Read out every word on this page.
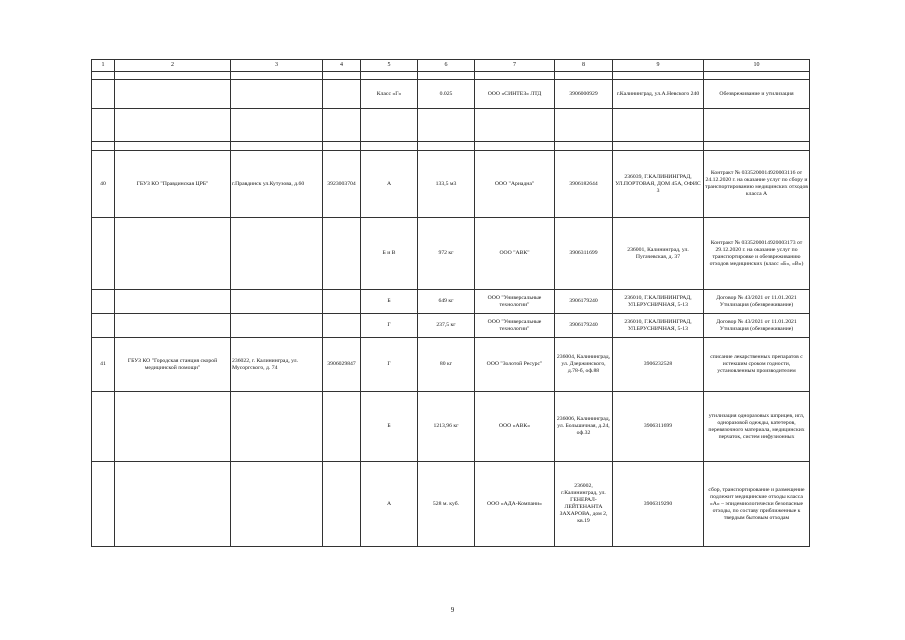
1	2	3	4	5	6	7	8	9	10

				Класс «Г»	0.025	ООО «СИНТЕЗ» ЛТД	3906000929	г.Калининград, ул.А.Невского 240	Обезвреживание и утилизация

40	ГБУЗ КО "Правдинская ЦРБ"	г.Правдинск ул.Кутузова, д.60	3923003704	А	133,5 м3	ООО "Ариадна"	3906182644	236039, Г.КАЛИНИНГРАД, УЛ.ПОРТОВАЯ, ДОМ 45А, ОФИС 3	Контракт № 0335200014920003116 от 24.12.2020 г. на оказание услуг по сбору и транспортированию медицинских отходов класса А
				Б и В	972 кг	ООО "АВК"	3906311699	236001, Калининград, ул. Пугачевская, д. 37	Контракт № 0335200014920003173 от 29.12.2020 г. на оказание услуг по транспортировке и обезвреживанию отходов медицинских (класс «Б», «В»)
				Б	649 кг	ООО "Универсальные технологии"	3906179240	236010, Г.КАЛИНИНГРАД, УЛ.БРУСНИЧНАЯ, 5-13	Договор № 43/2021 от 11.01.2021 Утилизация (обезвреживание)
				Г	237,5 кг	ООО "Универсальные технологии"	3906179240	236010, Г.КАЛИНИНГРАД, УЛ.БРУСНИЧНАЯ, 5-13	Договор № 43/2021 от 11.01.2021 Утилизация (обезвреживание)
41	ГБУЗ КО "Городская станция скорой медицинской помощи"	236022, г. Калининград, ул. Мусоргского, д. 74	3906029847	Г	80 кг	ООО "Золотой Ресурс"	236004, Калининград, ул. Дзержинского, д.78-б, оф.88	3906232528	списание лекарственных препаратов с истекшим сроком годности, установленным производителем
				Б	1213,96 кг	ООО «АВК»	236006, Калининград, ул. Большичная, д.24, оф.32	3906311699	утилизация одноразовых шприцев, игл, одноразовой одежды, катетеров, перевязочного материала, медицинских перчаток, систем инфузионных
				А	528 м. куб.	ООО «АДА-Компани»	236002, г.Калининград, ул. ГЕНЕРАЛ-ЛЕЙТЕНАНТА ЗАХАРОВА, дом 2, кв.19	3906319290	сбор, транспортирование и размещение подлежит медицинские отходы класса «А» – эпидемиологически безопасные отходы, по составу приближенные к твердым бытовым отходам
9
